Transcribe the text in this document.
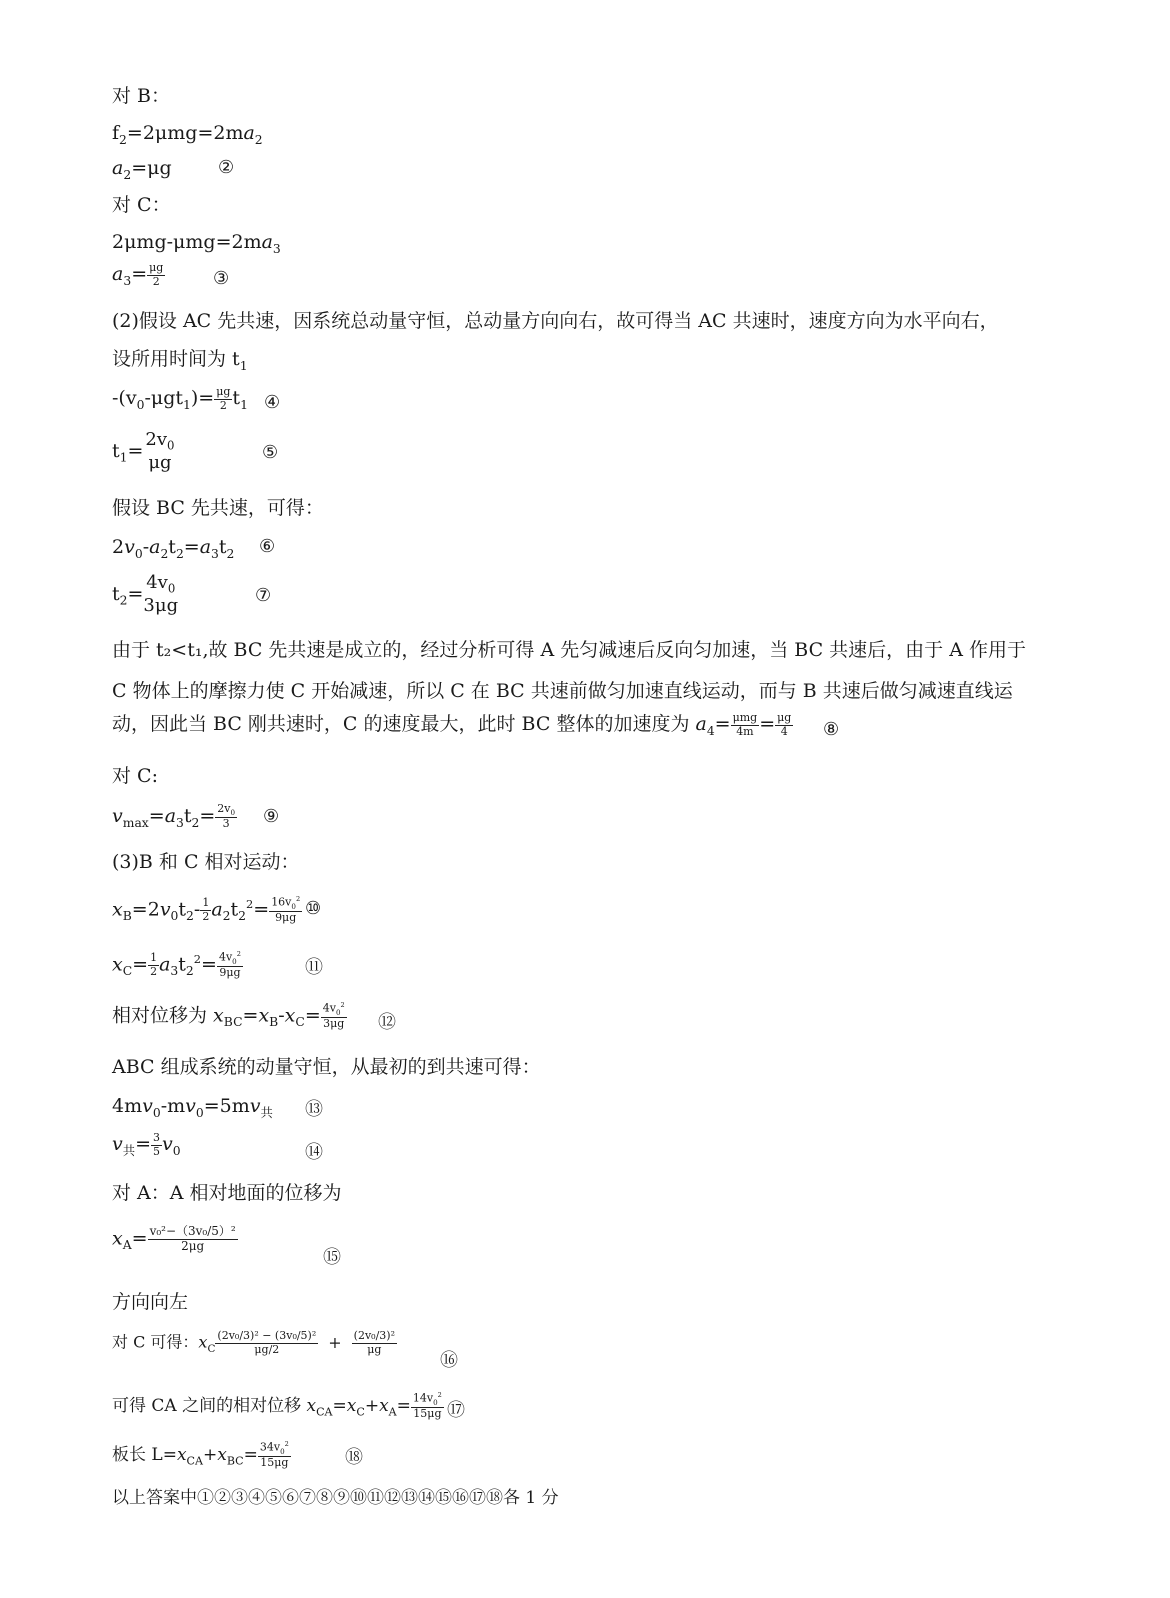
对 B：
$f_2=2\mu mg=2ma_2$
$a_2=\mu g$	②
对 C：
$2\mu mg-\mu mg=2ma_3$
$a_3= \frac{\mu g}{2}$	③
(2)假设 AC 先共速，因系统总动量守恒，总动量方向向右，故可得当 AC 共速时，速度方向为水平向右，
设所用时间为 $t_1$
$-(v_0-\mu gt_1)= \frac{\mu g}{2} t_1$ ④
$t_1=$
$2v_0$
μg	⑤
假设 BC 先共速，可得：
$2v_0-a_2t_2=a_3t_2$ ⑥
$t_2=$
$4v_0$
3μg	⑦
由于 t₂<t₁,故 BC 先共速是成立的，经过分析可得 A 先匀减速后反向匀加速，当 BC 共速后，由于 A 作用于
C 物体上的摩擦力使 C 开始减速，所以 C 在 BC 共速前做匀加速直线运动，而与 B 共速后做匀减速直线运
动，因此当 BC 刚共速时，C 的速度最大，此时 BC 整体的加速度为 $a_4= \frac{\text{μmg}}{4m} = \frac{\mu g}{4}$ ⑧
对 C:
$v_{max}=a_3t_2= \frac{2v_0}{3}$ ⑨
(3)B 和 C 相对运动：
$x_B=2v_0t_2- \frac{1}{2} a_2t_2^2= \frac{16v_0^2}{9\mu g}$ ⑩
$x_C= \frac{1}{2} a_3t_2^2= \frac{4v_0^2}{9\mu g}$	⑪
相对位移为 $x_{BC}=x_B-x_C= \frac{4v_0^2}{3\mu g}$ ⑫
ABC 组成系统的动量守恒，从最初的到共速可得：
$4mv_0-mv_0=5mv_共$ ⑬
$v_共= \frac{3}{5} v_0$	⑭
对 A：A 相对地面的位移为
$x_A= \frac{\text{v₀²−（3v₀/5）²}}{2\mu g}$
⑮
方向向左
对 C 可得：$x_C \frac{\text{(2v₀/3)² − (3v₀/5)²}}{\mu g/2} + \frac{\text{(2v₀/3)²}}{\mu g}$
⑯
可得 CA 之间的相对位移 $x_{CA}=x_C+x_A= \frac{14v_0^2}{15\mu g}$ ⑰
板长 $L=x_{CA}+x_{BC}= \frac{34v_0^2}{15\mu g}$	⑱
以上答案中①②③④⑤⑥⑦⑧⑨⑩⑪⑫⑬⑭⑮⑯⑰⑱各 1 分
